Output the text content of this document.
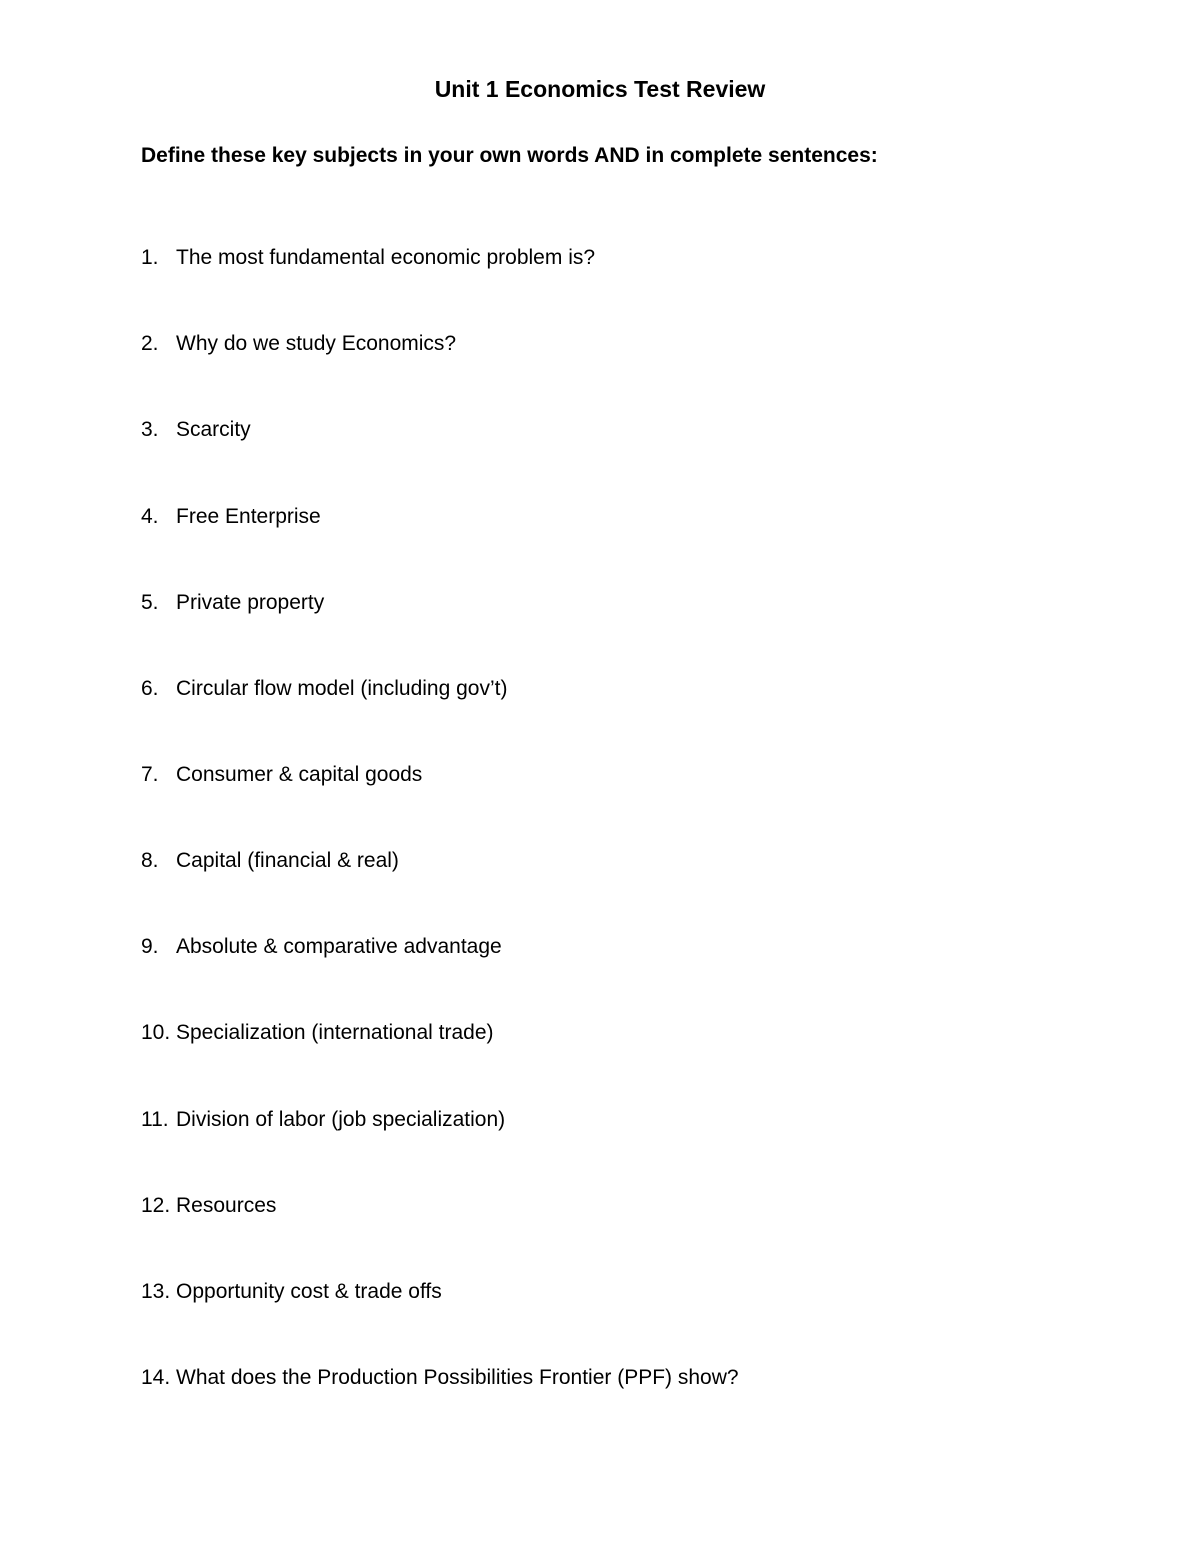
Unit 1 Economics Test Review
Define these key subjects in your own words AND in complete sentences:
1. The most fundamental economic problem is?
2. Why do we study Economics?
3. Scarcity
4. Free Enterprise
5. Private property
6. Circular flow model (including gov’t)
7. Consumer & capital goods
8. Capital (financial & real)
9. Absolute & comparative advantage
10. Specialization (international trade)
11. Division of labor (job specialization)
12. Resources
13. Opportunity cost & trade offs
14. What does the Production Possibilities Frontier (PPF) show?
